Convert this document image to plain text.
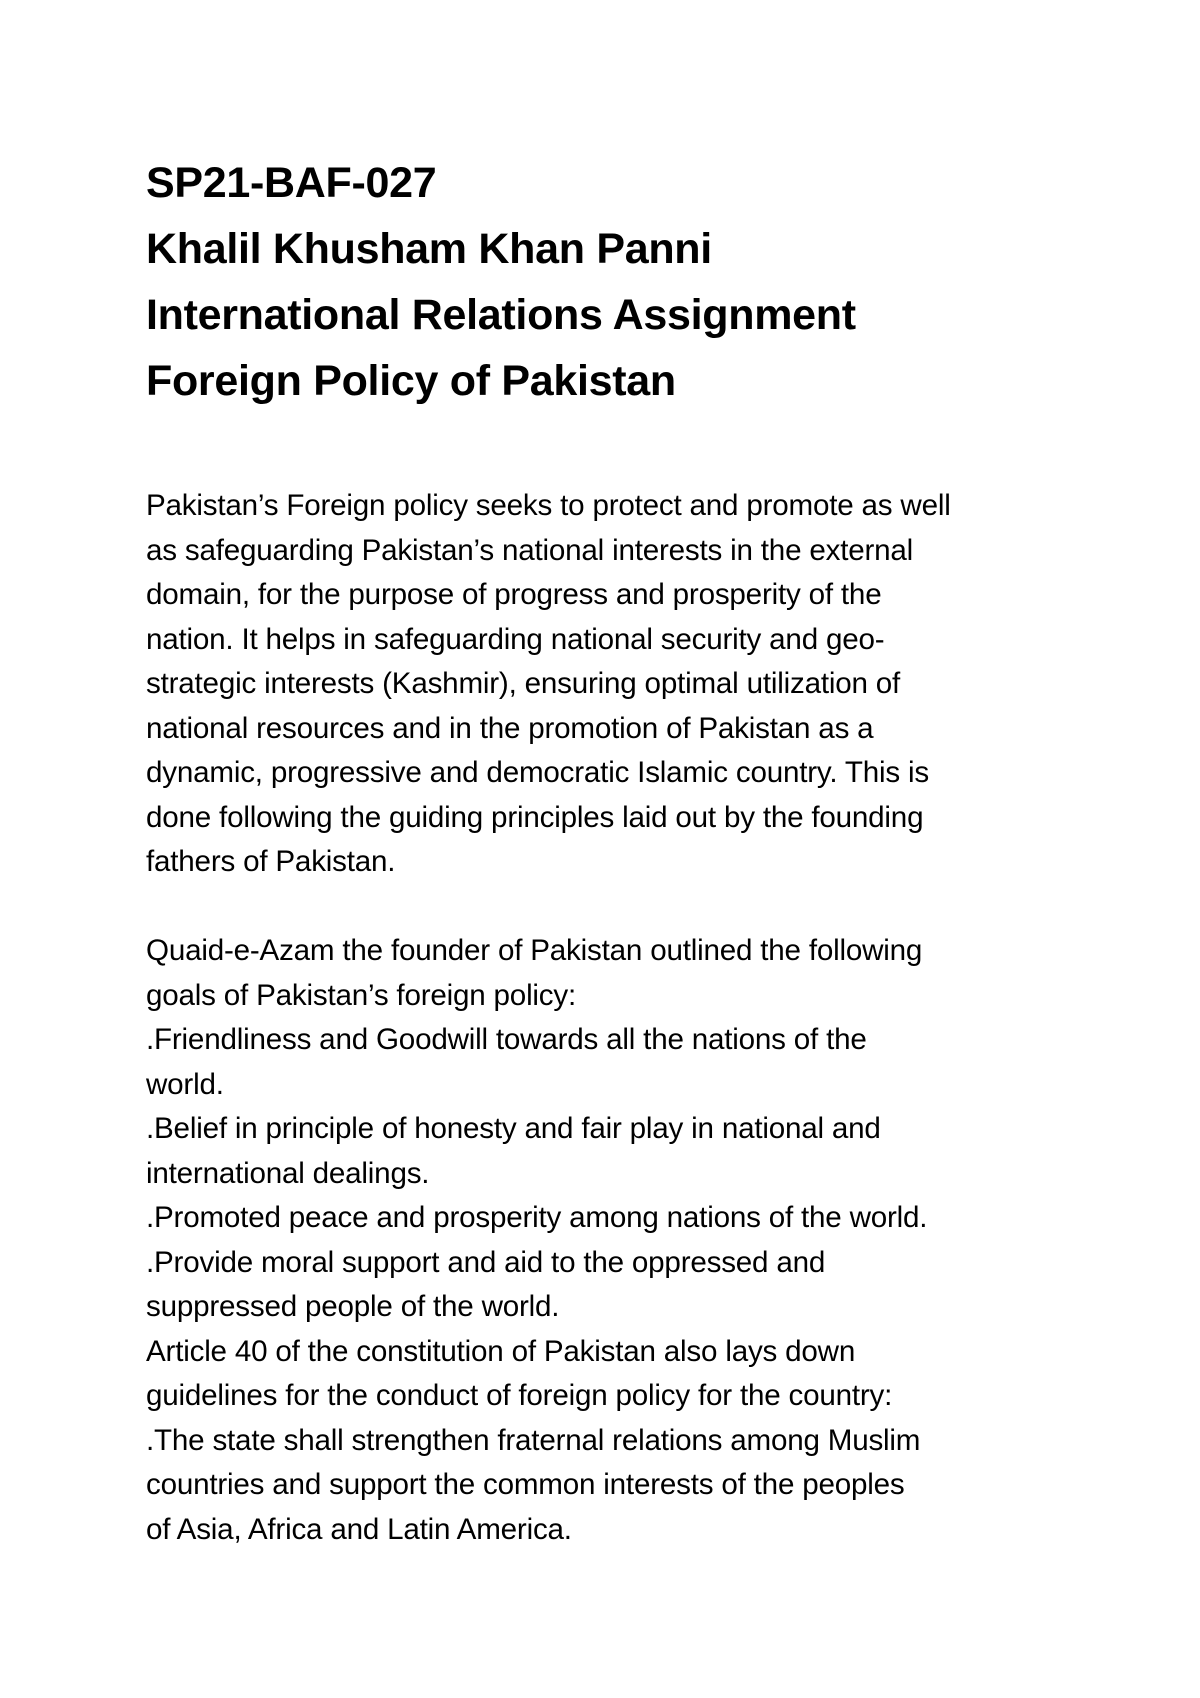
SP21-BAF-027
Khalil Khusham Khan Panni
International Relations Assignment
Foreign Policy of Pakistan

Pakistan’s Foreign policy seeks to protect and promote as well
as safeguarding Pakistan’s national interests in the external
domain, for the purpose of progress and prosperity of the
nation. It helps in safeguarding national security and geo-
strategic interests (Kashmir), ensuring optimal utilization of
national resources and in the promotion of Pakistan as a
dynamic, progressive and democratic Islamic country. This is
done following the guiding principles laid out by the founding
fathers of Pakistan.

Quaid-e-Azam the founder of Pakistan outlined the following
goals of Pakistan’s foreign policy:
.Friendliness and Goodwill towards all the nations of the
world.
.Belief in principle of honesty and fair play in national and
international dealings.
.Promoted peace and prosperity among nations of the world.
.Provide moral support and aid to the oppressed and
suppressed people of the world.
Article 40 of the constitution of Pakistan also lays down
guidelines for the conduct of foreign policy for the country:
.The state shall strengthen fraternal relations among Muslim
countries and support the common interests of the peoples
of Asia, Africa and Latin America.
